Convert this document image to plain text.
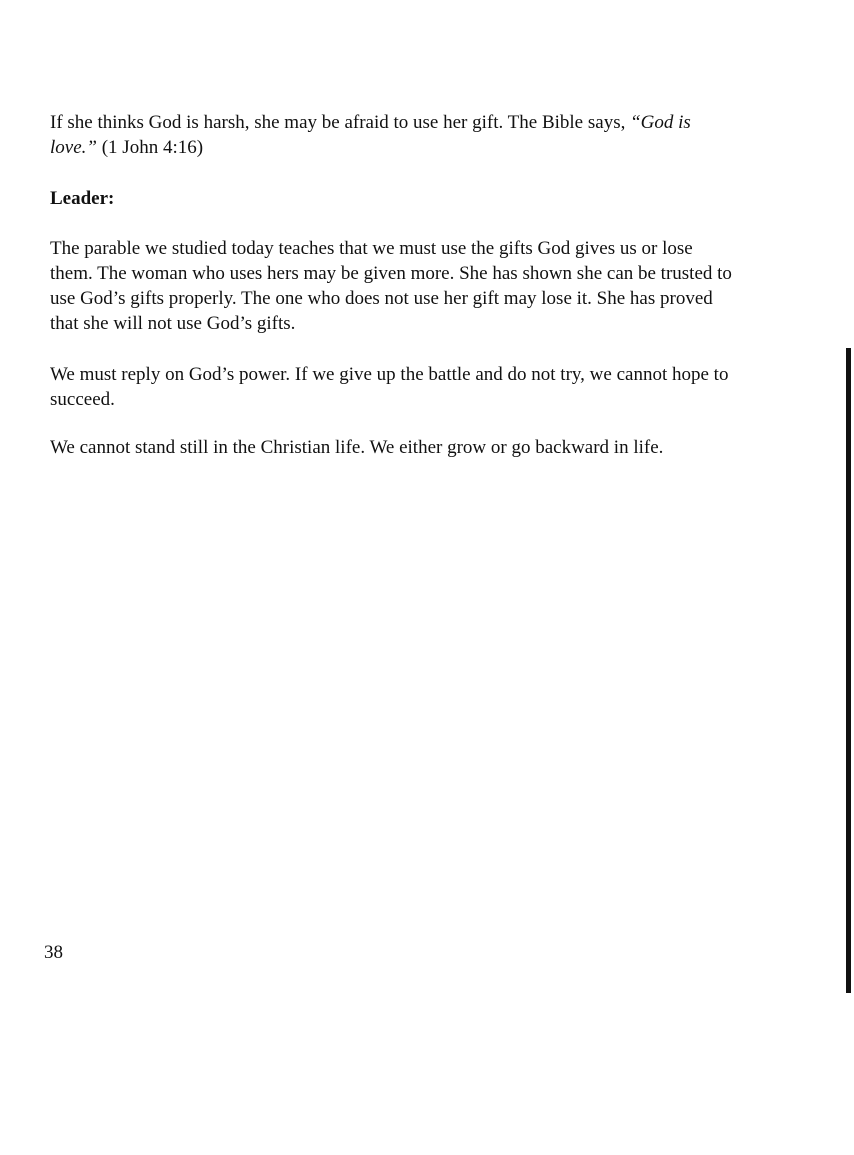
If she thinks God is harsh, she may be afraid to use her gift. The Bible says, “God is love.” (1 John 4:16)

Leader:

The parable we studied today teaches that we must use the gifts God gives us or lose them. The woman who uses hers may be given more. She has shown she can be trusted to use God’s gifts properly. The one who does not use her gift may lose it. She has proved that she will not use God’s gifts.

We must reply on God’s power. If we give up the battle and do not try, we cannot hope to succeed.

We cannot stand still in the Christian life. We either grow or go backward in life.

38
